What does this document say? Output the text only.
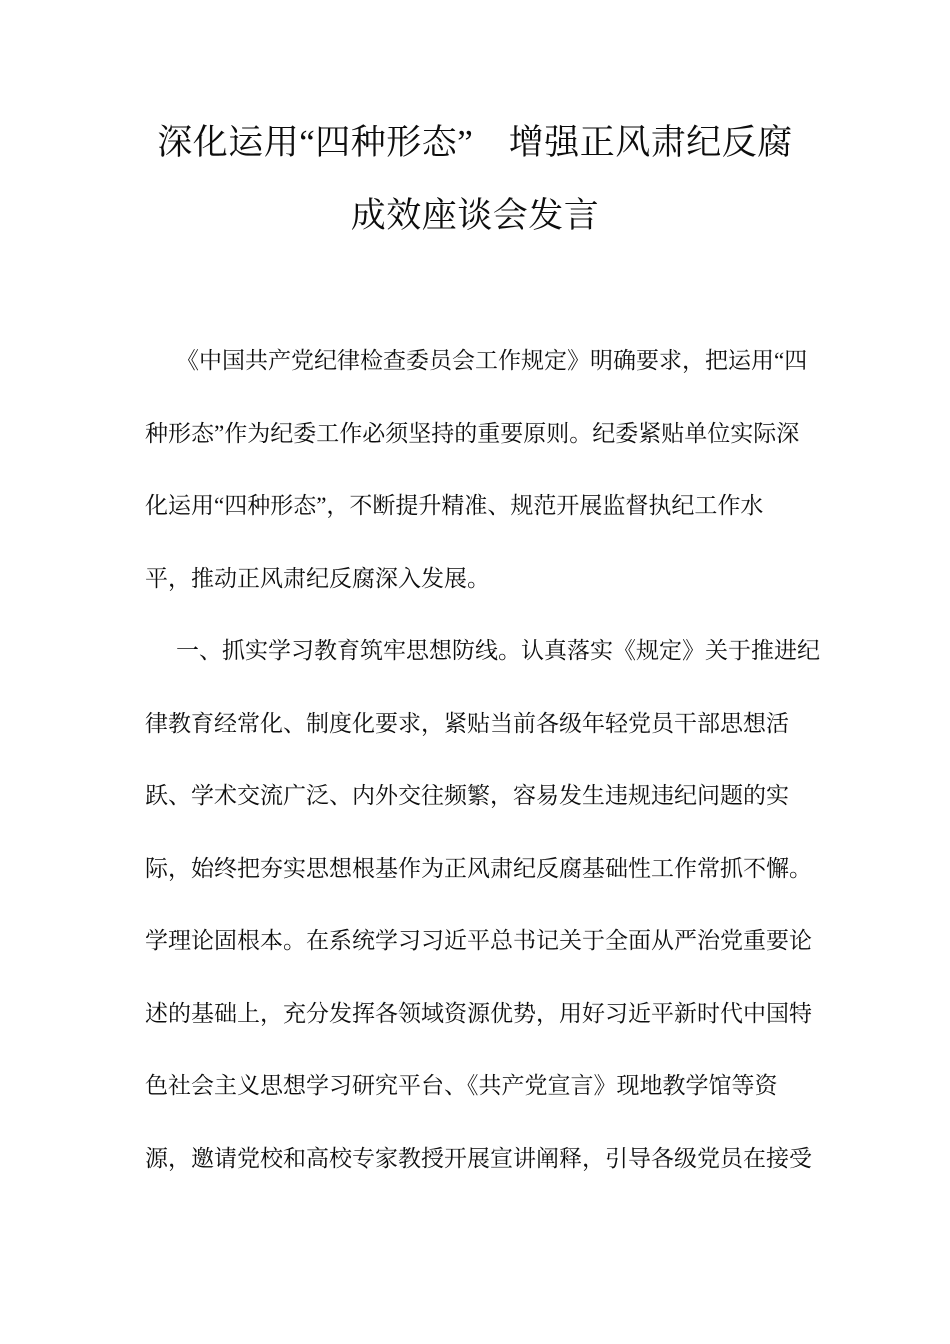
深化运用“四种形态”　增强正风肃纪反腐
成效座谈会发言
《中国共产党纪律检查委员会工作规定》明确要求，把运用“四
种形态”作为纪委工作必须坚持的重要原则。纪委紧贴单位实际深
化运用“四种形态”，不断提升精准、规范开展监督执纪工作水
平，推动正风肃纪反腐深入发展。
一、抓实学习教育筑牢思想防线。认真落实《规定》关于推进纪
律教育经常化、制度化要求，紧贴当前各级年轻党员干部思想活
跃、学术交流广泛、内外交往频繁，容易发生违规违纪问题的实
际，始终把夯实思想根基作为正风肃纪反腐基础性工作常抓不懈。
学理论固根本。在系统学习习近平总书记关于全面从严治党重要论
述的基础上，充分发挥各领域资源优势，用好习近平新时代中国特
色社会主义思想学习研究平台、《共产党宣言》现地教学馆等资
源，邀请党校和高校专家教授开展宣讲阐释，引导各级党员在接受
